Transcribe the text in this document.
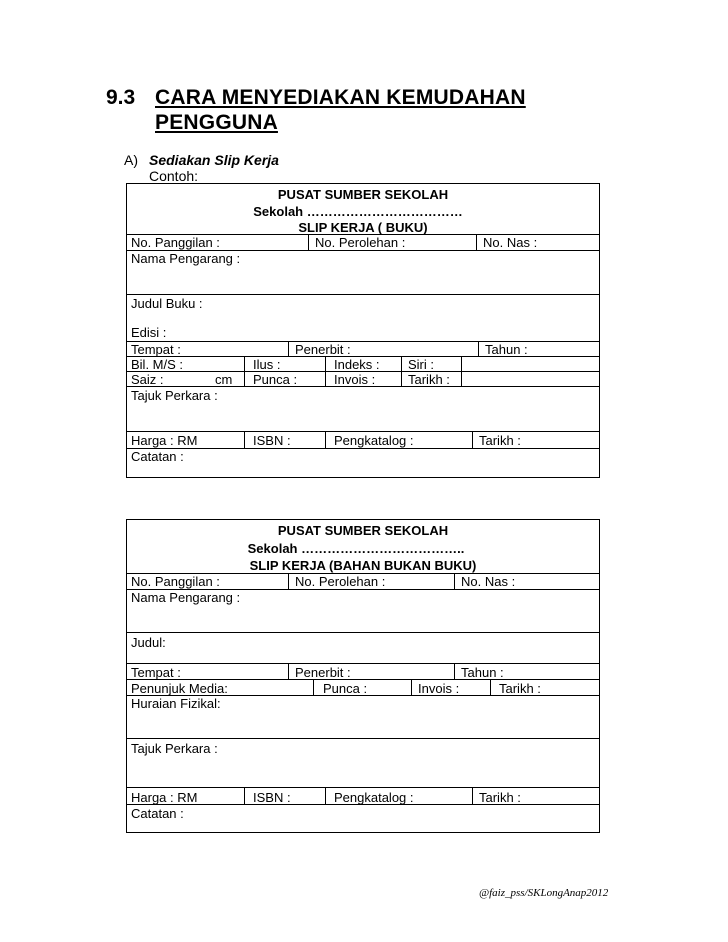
9.3 CARA MENYEDIAKAN KEMUDAHAN
PENGGUNA
A) Sediakan Slip Kerja
Contoh:
PUSAT SUMBER SEKOLAH
Sekolah ………………………………
SLIP KERJA ( BUKU)
No. Panggilan :	No. Perolehan :	No. Nas :
Nama Pengarang :
Judul Buku :
Edisi :
Tempat :	Penerbit :	Tahun :
Bil. M/S :	Ilus :	Indeks : Siri :
Saiz :	cm Punca :	Invois :	Tarikh :
Tajuk Perkara :
Harga : RM	ISBN :	Pengkatalog :	Tarikh :
Catatan :
PUSAT SUMBER SEKOLAH
Sekolah ………………………………..
SLIP KERJA (BAHAN BUKAN BUKU)
No. Panggilan :	No. Perolehan :	No. Nas :
Nama Pengarang :
Judul:
Tempat :	Penerbit :	Tahun :
Penunjuk Media:	Punca :	Invois :	Tarikh :
Huraian Fizikal:
Tajuk Perkara :
Harga : RM	ISBN :	Pengkatalog :	Tarikh :
Catatan :
@faiz_pss/SKLongAnap2012
